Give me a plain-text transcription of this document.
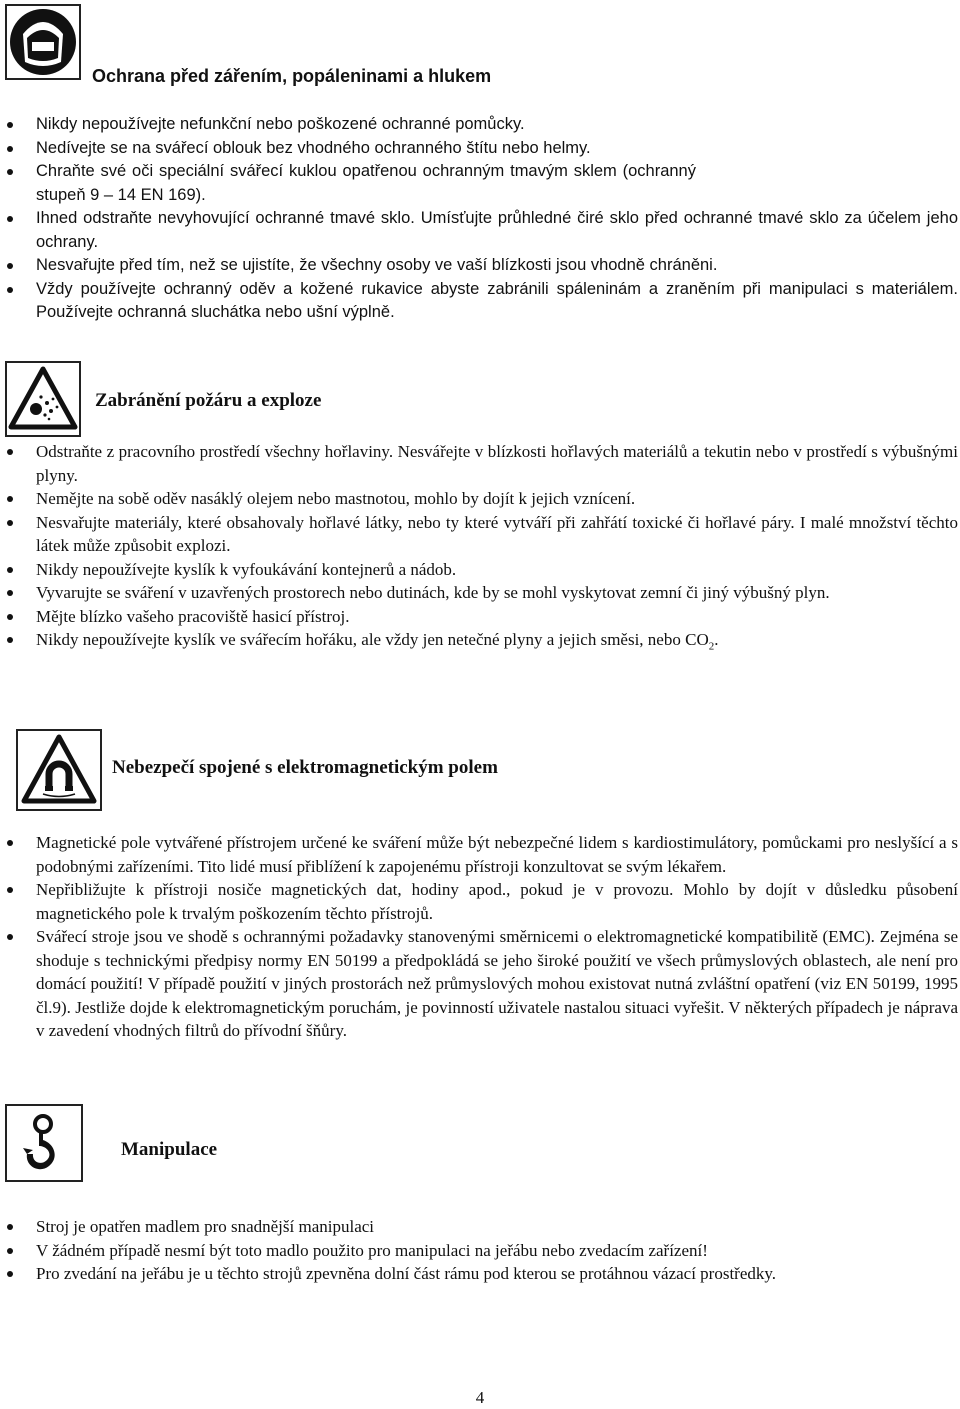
Ochrana před zářením, popáleninami a hlukem
Nikdy nepoužívejte nefunkční nebo poškozené ochranné pomůcky.
Nedívejte se na svářecí oblouk bez vhodného ochranného štítu nebo helmy.
Chraňte své oči speciální svářecí kuklou opatřenou ochranným tmavým sklem (ochranný stupeň 9 – 14 EN 169).
Ihned odstraňte nevyhovující ochranné tmavé sklo. Umísťujte průhledné čiré sklo před ochranné tmavé sklo za účelem jeho ochrany.
Nesvařujte před tím, než se ujistíte, že všechny osoby ve vaší blízkosti jsou vhodně chráněni.
Vždy používejte ochranný oděv a kožené rukavice abyste zabránili spáleninám a zraněním při manipulaci s materiálem. Používejte ochranná sluchátka nebo ušní výplně.
Zabránění požáru a exploze
Odstraňte z pracovního prostředí všechny hořlaviny. Nesvářejte v blízkosti hořlavých materiálů a tekutin nebo v prostředí s výbušnými plyny.
Nemějte na sobě oděv nasáklý olejem nebo mastnotou, mohlo by dojít k jejich vznícení.
Nesvařujte materiály, které obsahovaly hořlavé látky, nebo ty které vytváří při zahřátí toxické či hořlavé páry. I malé množství těchto látek může způsobit explozi.
Nikdy nepoužívejte kyslík k vyfoukávání kontejnerů a nádob.
Vyvarujte se sváření v uzavřených prostorech nebo dutinách, kde by se mohl vyskytovat zemní či jiný výbušný plyn.
Mějte blízko vašeho pracoviště hasicí přístroj.
Nikdy nepoužívejte kyslík ve svářecím hořáku, ale vždy jen netečné plyny a jejich směsi, nebo $CO_2$.
Nebezpečí spojené s elektromagnetickým polem
Magnetické pole vytvářené přístrojem určené ke sváření může být nebezpečné lidem s kardiostimulátory, pomůckami pro neslyšící a s podobnými zařízeními. Tito lidé musí přiblížení k zapojenému přístroji konzultovat se svým lékařem.
Nepřibližujte k přístroji nosiče magnetických dat, hodiny apod., pokud je v provozu. Mohlo by dojít v důsledku působení magnetického pole k trvalým poškozením těchto přístrojů.
Svářecí stroje jsou ve shodě s ochrannými požadavky stanovenými směrnicemi o elektromagnetické kompatibilitě (EMC). Zejména se shoduje s technickými předpisy normy EN 50199 a předpokládá se jeho široké použití ve všech průmyslových oblastech, ale není pro domácí použití! V případě použití v jiných prostorách než průmyslových mohou existovat nutná zvláštní opatření (viz EN 50199, 1995 čl.9). Jestliže dojde k elektromagnetickým poruchám, je povinností uživatele nastalou situaci vyřešit. V některých případech je náprava v zavedení vhodných filtrů do přívodní šňůry.
Manipulace
Stroj je opatřen madlem pro snadnější manipulaci
V žádném případě nesmí být toto madlo použito pro manipulaci na jeřábu nebo zvedacím zařízení!
Pro zvedání na jeřábu je u těchto strojů zpevněna dolní část rámu pod kterou se protáhnou vázací prostředky.
4
